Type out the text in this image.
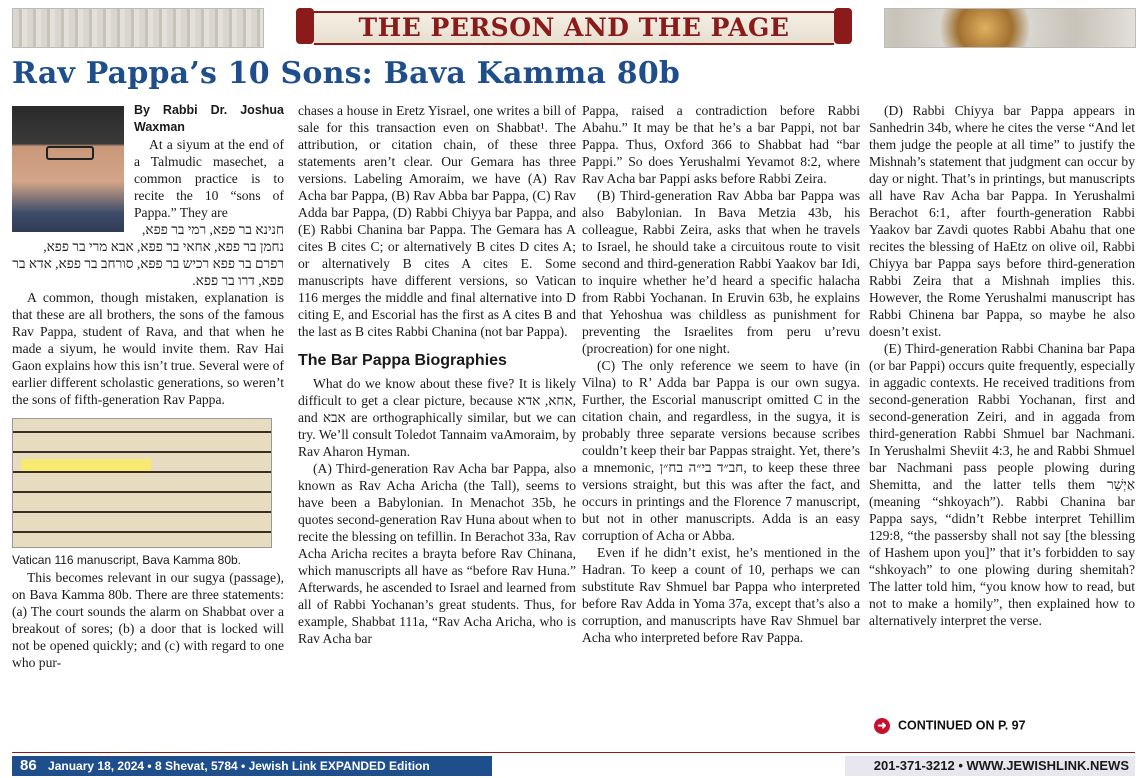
THE PERSON AND THE PAGE
Rav Pappa’s 10 Sons: Bava Kamma 80b

By Rabbi Dr. Joshua Waxman

At a siyum at the end of a Talmudic masechet, a common practice is to recite the 10 “sons of Pappa.” They are

חנינא בר פפא, רמי בר פפא, נחמן בר פפא, אחאי בר פפא, אבא מרי בר פפא, רפרם בר פפא רכיש בר פפא, סורחב בר פפא, אדא בר פפא, דרו בר פפא.

A common, though mistaken, explanation is that these are all brothers, the sons of the famous Rav Pappa, student of Rava, and that when he made a siyum, he would invite them. Rav Hai Gaon explains how this isn’t true. Several were of earlier different scholastic generations, so weren’t the sons of fifth-generation Rav Pappa.

Vatican 116 manuscript, Bava Kamma 80b.

This becomes relevant in our sugya (passage), on Bava Kamma 80b. There are three statements: (a) The court sounds the alarm on Shabbat over a breakout of sores; (b) a door that is locked will not be opened quickly; and (c) with regard to one who pur-

chases a house in Eretz Yisrael, one writes a bill of sale for this transaction even on Shabbat¹. The attribution, or citation chain, of these three statements aren’t clear. Our Gemara has three versions. Labeling Amoraim, we have (A) Rav Acha bar Pappa, (B) Rav Abba bar Pappa, (C) Rav Adda bar Pappa, (D) Rabbi Chiyya bar Pappa, and (E) Rabbi Chanina bar Pappa. The Gemara has A cites B cites C; or alternatively B cites D cites A; or alternatively B cites A cites E. Some manuscripts have different versions, so Vatican 116 merges the middle and final alternative into D citing E, and Escorial has the first as A cites B and the last as B cites Rabbi Chanina (not bar Pappa).

The Bar Pappa Biographies

What do we know about these five? It is likely difficult to get a clear picture, because אחא, אדא, and אבא are orthographically similar, but we can try. We’ll consult Toledot Tannaim vaAmoraim, by Rav Aharon Hyman.

(A) Third-generation Rav Acha bar Pappa, also known as Rav Acha Aricha (the Tall), seems to have been a Babylonian. In Menachot 35b, he quotes second-generation Rav Huna about when to recite the blessing on tefillin. In Berachot 33a, Rav Acha Aricha recites a brayta before Rav Chinana, which manuscripts all have as “before Rav Huna.” Afterwards, he ascended to Israel and learned from all of Rabbi Yochanan’s great students. Thus, for example, Shabbat 111a, “Rav Acha Aricha, who is Rav Acha bar

Pappa, raised a contradiction before Rabbi Abahu.” It may be that he’s a bar Pappi, not bar Pappa. Thus, Oxford 366 to Shabbat had “bar Pappi.” So does Yerushalmi Yevamot 8:2, where Rav Acha bar Pappi asks before Rabbi Zeira.

(B) Third-generation Rav Abba bar Pappa was also Babylonian. In Bava Metzia 43b, his colleague, Rabbi Zeira, asks that when he travels to Israel, he should take a circuitous route to visit second and third-generation Rabbi Yaakov bar Idi, to inquire whether he’d heard a specific halacha from Rabbi Yochanan. In Eruvin 63b, he explains that Yehoshua was childless as punishment for preventing the Israelites from peru u’revu (procreation) for one night.

(C) The only reference we seem to have (in Vilna) to R’ Adda bar Pappa is our own sugya. Further, the Escorial manuscript omitted C in the citation chain, and regardless, in the sugya, it is probably three separate versions because scribes couldn’t keep their bar Pappas straight. Yet, there’s a mnemonic, חב״ד בי״ה בח״ן, to keep these three versions straight, but this was after the fact, and occurs in printings and the Florence 7 manuscript, but not in other manuscripts. Adda is an easy corruption of Acha or Abba.

Even if he didn’t exist, he’s mentioned in the Hadran. To keep a count of 10, perhaps we can substitute Rav Shmuel bar Pappa who interpreted before Rav Adda in Yoma 37a, except that’s also a corruption, and manuscripts have Rav Shmuel bar Acha who interpreted before Rav Pappa.

(D) Rabbi Chiyya bar Pappa appears in Sanhedrin 34b, where he cites the verse “And let them judge the people at all time” to justify the Mishnah’s statement that judgment can occur by day or night. That’s in printings, but manuscripts all have Rav Acha bar Pappa. In Yerushalmi Berachot 6:1, after fourth-generation Rabbi Yaakov bar Zavdi quotes Rabbi Abahu that one recites the blessing of HaEtz on olive oil, Rabbi Chiyya bar Pappa says before third-generation Rabbi Zeira that a Mishnah implies this. However, the Rome Yerushalmi manuscript has Rabbi Chinena bar Pappa, so maybe he also doesn’t exist.

(E) Third-generation Rabbi Chanina bar Papa (or bar Pappi) occurs quite frequently, especially in aggadic contexts. He received traditions from second-generation Rabbi Yochanan, first and second-generation Zeiri, and in aggada from third-generation Rabbi Shmuel bar Nachmani. In Yerushalmi Sheviit 4:3, he and Rabbi Shmuel bar Nachmani pass people plowing during Shemitta, and the latter tells them אַיְשַׁר (meaning “shkoyach”). Rabbi Chanina bar Pappa says, “didn’t Rebbe interpret Tehillim 129:8, “the passersby shall not say [the blessing of Hashem upon you]” that it’s forbidden to say “shkoyach” to one plowing during shemitah? The latter told him, “you know how to read, but not to make a homily”, then explained how to alternatively interpret the verse.

➜ CONTINUED ON P. 97
86 January 18, 2024 • 8 Shevat, 5784 • Jewish Link EXPANDED Edition	201-371-3212 • WWW.JEWISHLINK.NEWS
